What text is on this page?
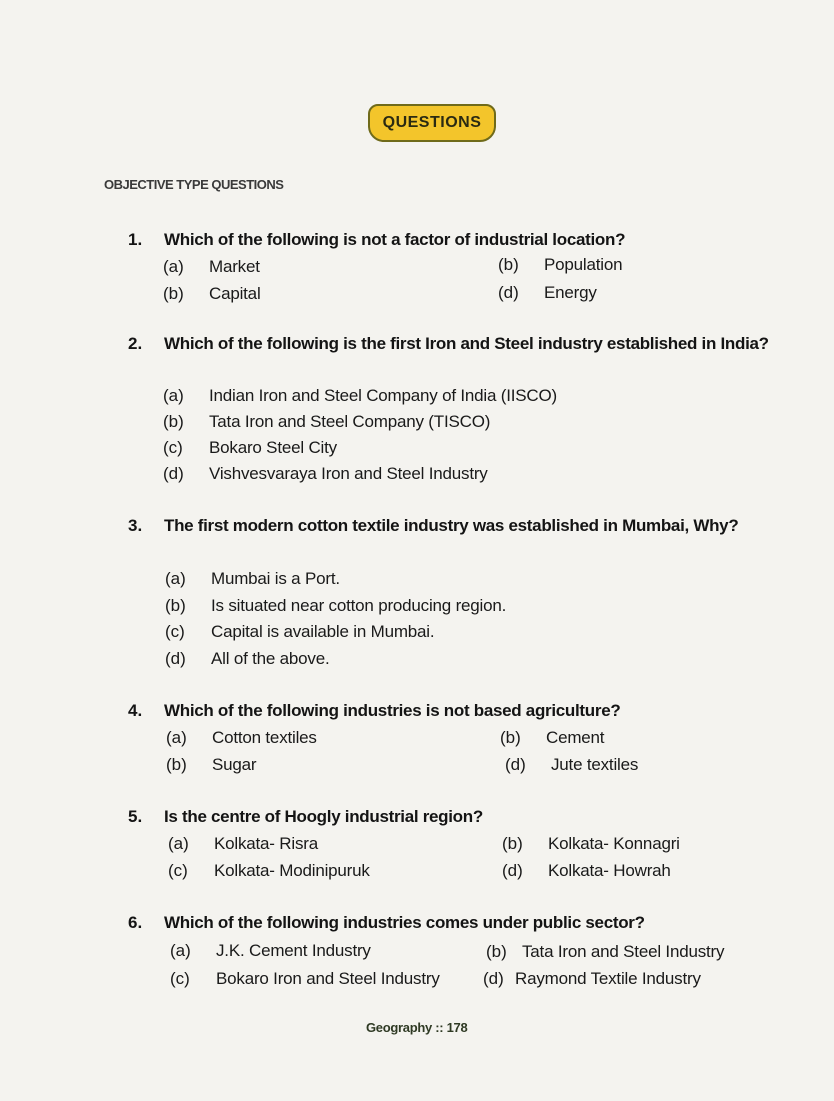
QUESTIONS
OBJECTIVE TYPE QUESTIONS
1.	Which of the following is not a factor of industrial location?
(a) Market	(b) Population
(b) Capital	(d) Energy
2.	Which of the following is the first Iron and Steel industry established in India?
(a) Indian Iron and Steel Company of India (IISCO)
(b) Tata Iron and Steel Company (TISCO)
(c) Bokaro Steel City
(d) Vishvesvaraya Iron and Steel Industry
3.	The first modern cotton textile industry was established in Mumbai, Why?
(a) Mumbai is a Port.
(b) Is situated near cotton producing region.
(c) Capital is available in Mumbai.
(d) All of the above.
4.	Which of the following industries is not based agriculture?
(a) Cotton textiles	(b) Cement
(b) Sugar	(d) Jute textiles
5.	Is the centre of Hoogly industrial region?
(a) Kolkata- Risra	(b) Kolkata- Konnagri
(c) Kolkata- Modinipuruk	(d) Kolkata- Howrah
6.	Which of the following industries comes under public sector?
(a) J.K. Cement Industry	(b) Tata Iron and Steel Industry
(c) Bokaro Iron and Steel Industry	(d) Raymond Textile Industry
Geography :: 178
